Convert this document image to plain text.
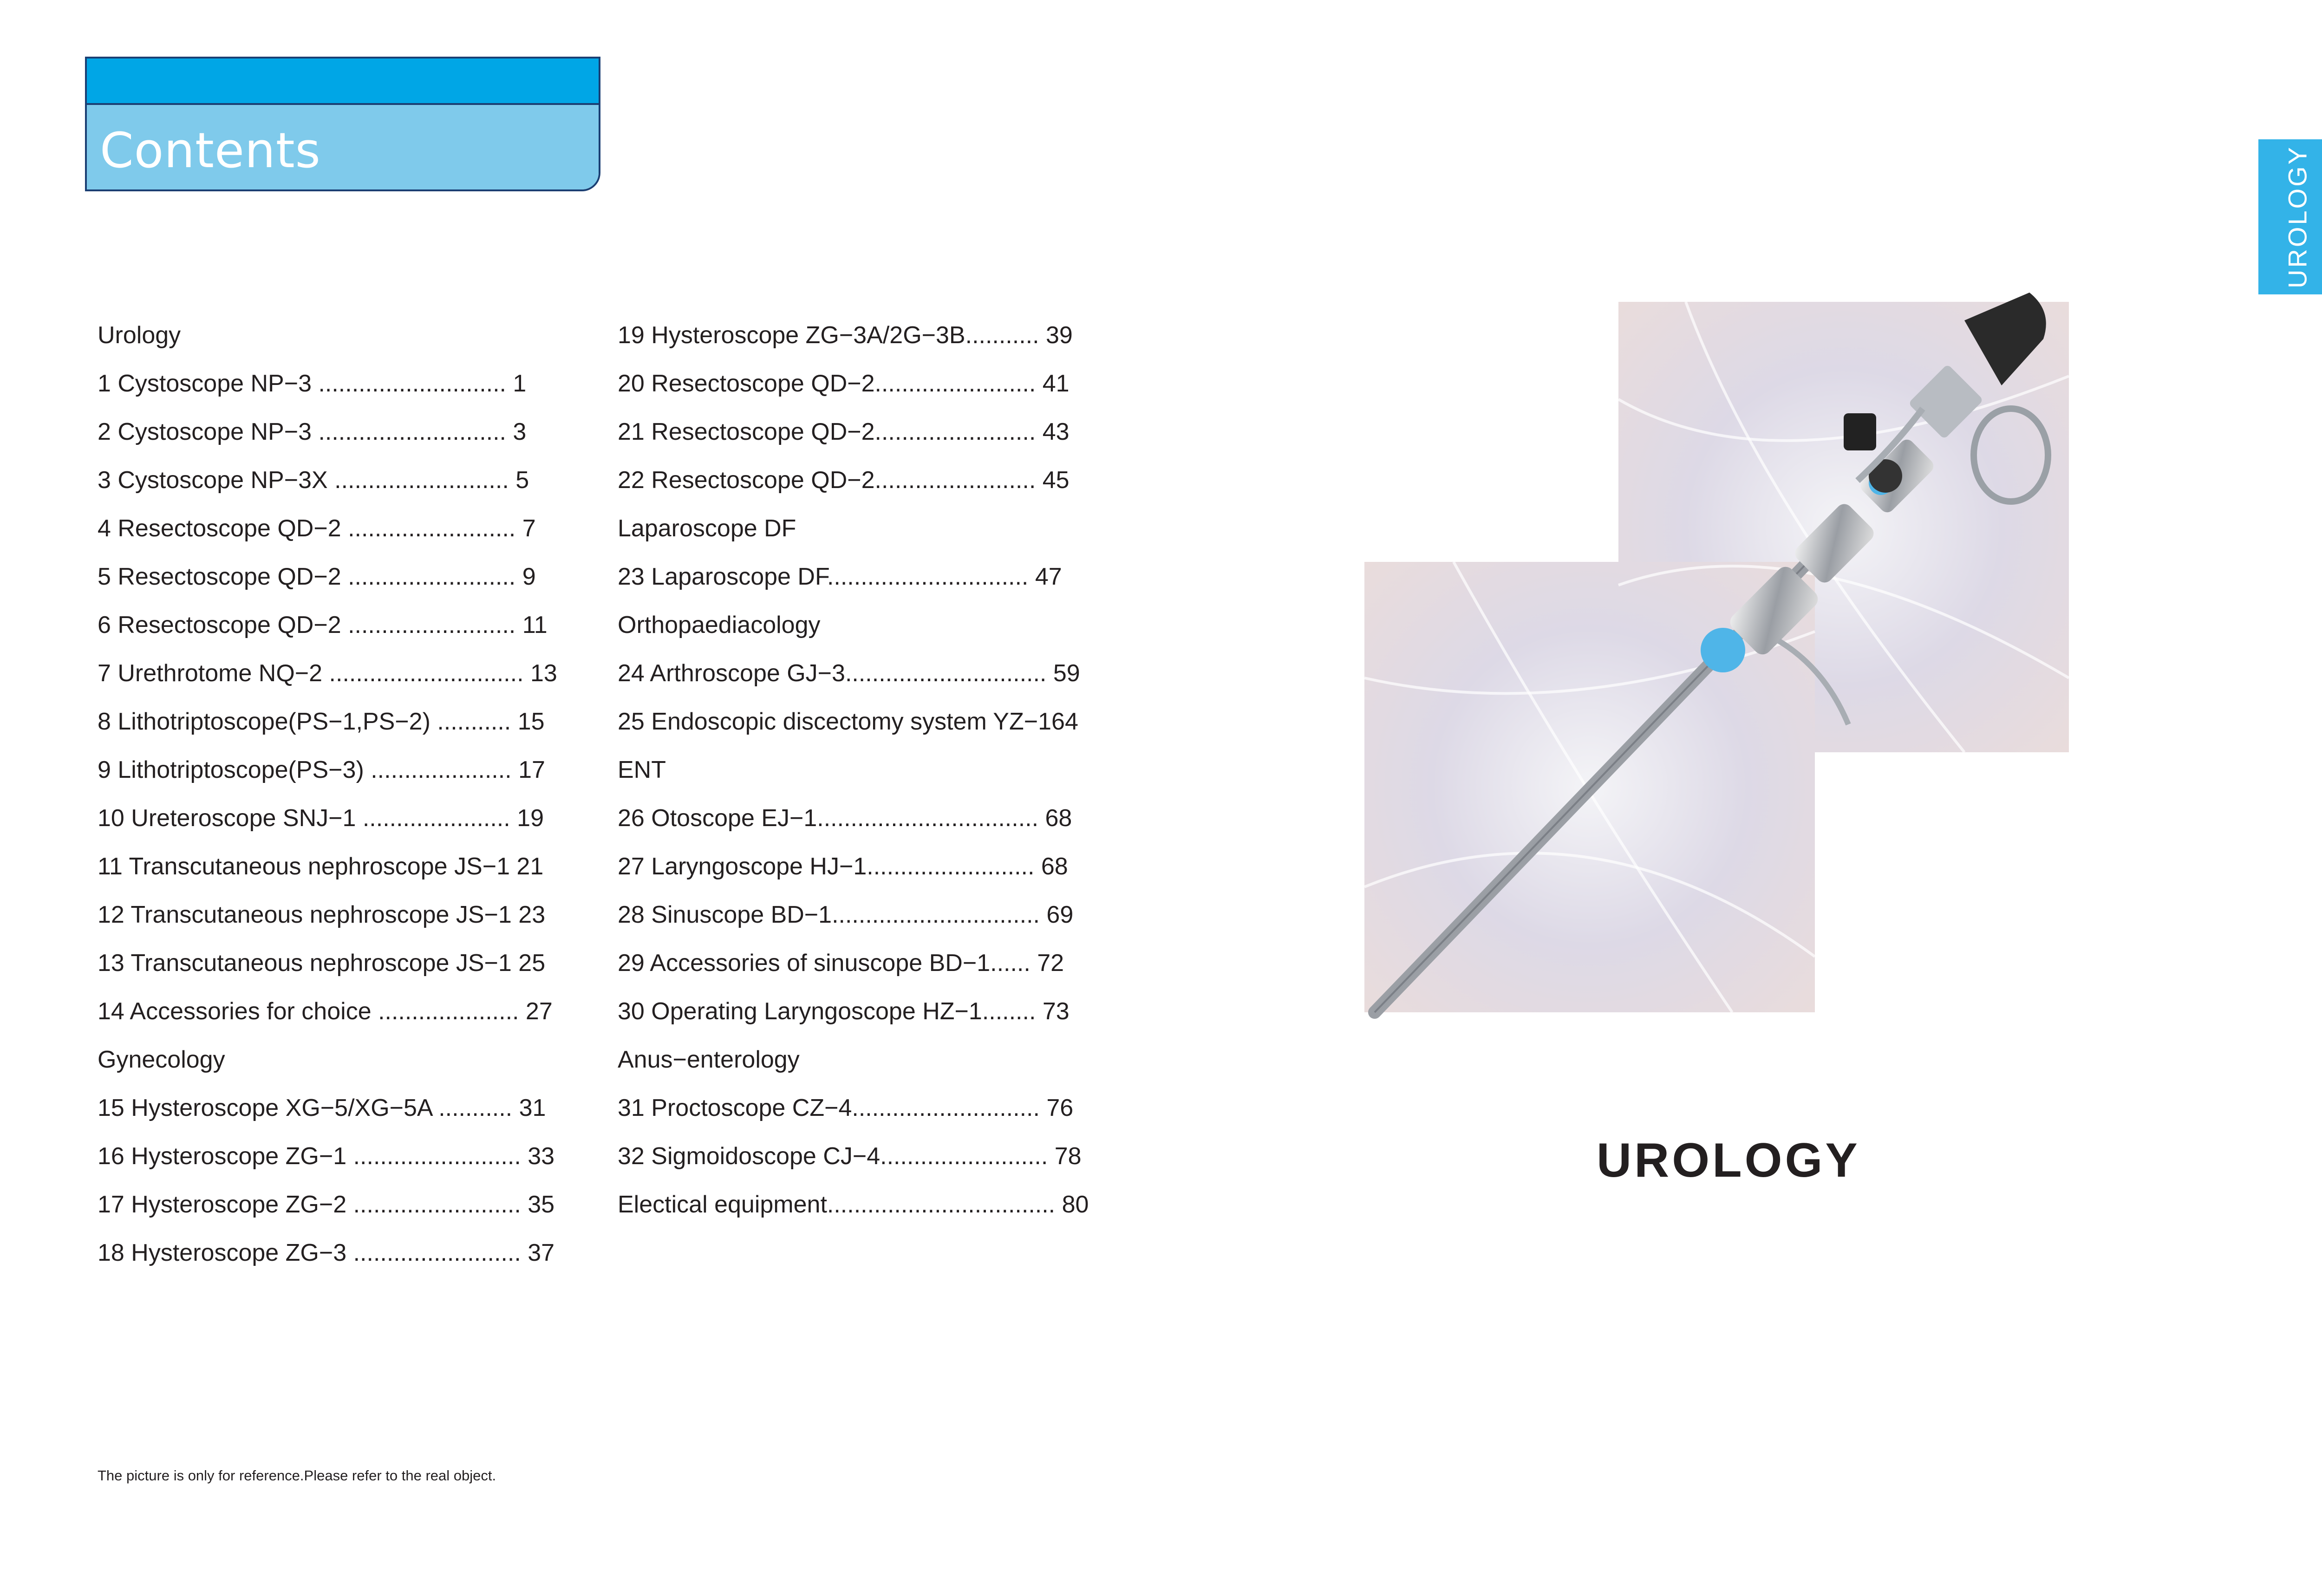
Contents
Urology
1 Cystoscope NP−3 ............................ 1
2 Cystoscope NP−3 ............................ 3
3 Cystoscope NP−3X .......................... 5
4 Resectoscope QD−2 ......................... 7
5 Resectoscope QD−2 ......................... 9
6 Resectoscope QD−2 ......................... 11
7 Urethrotome NQ−2 ............................. 13
8 Lithotriptoscope(PS−1,PS−2) ........... 15
9 Lithotriptoscope(PS−3) ..................... 17
10 Ureteroscope SNJ−1 ...................... 19
11 Transcutaneous nephroscope JS−1 21
12 Transcutaneous nephroscope JS−1 23
13 Transcutaneous nephroscope JS−1 25
14 Accessories for choice ..................... 27
Gynecology
15 Hysteroscope XG−5/XG−5A ........... 31
16 Hysteroscope ZG−1 ......................... 33
17 Hysteroscope ZG−2 ......................... 35
18 Hysteroscope ZG−3 ......................... 37
19 Hysteroscope ZG−3A/2G−3B........... 39
20 Resectoscope QD−2........................ 41
21 Resectoscope QD−2........................ 43
22 Resectoscope QD−2........................ 45
Laparoscope DF
23 Laparoscope DF.............................. 47
Orthopaediacology
24 Arthroscope GJ−3.............................. 59
25 Endoscopic discectomy system YZ−164
ENT
26 Otoscope EJ−1................................. 68
27 Laryngoscope HJ−1......................... 68
28 Sinuscope BD−1............................... 69
29 Accessories of sinuscope BD−1...... 72
30 Operating Laryngoscope HZ−1........ 73
Anus−enterology
31 Proctoscope CZ−4............................ 76
32 Sigmoidoscope CJ−4......................... 78
Electical equipment.................................. 80
The picture is only for reference.Please refer to the real object.
UROLOGY
UROLOGY
